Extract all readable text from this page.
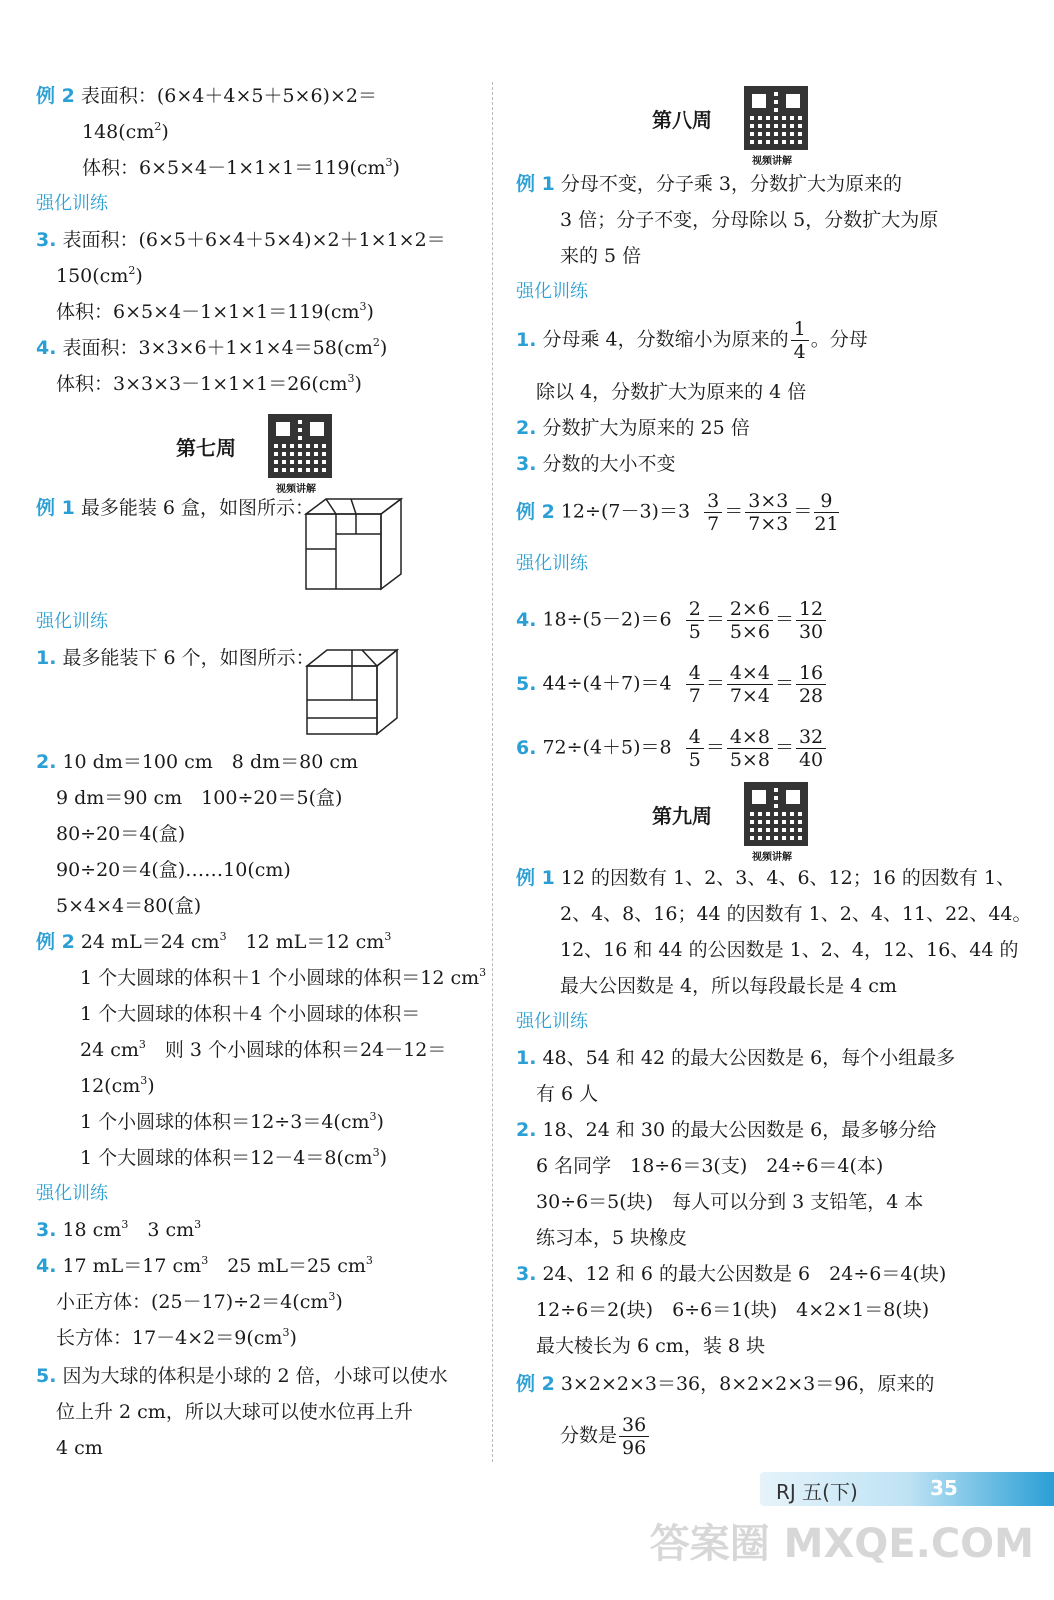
例 2 表面积：(6×4＋4×5＋5×6)×2＝
$148(cm^2)$
体积：$6\times 5\times 4-1\times 1\times 1=119(cm^3)$
强化训练
3. 表面积：(6×5＋6×4＋5×4)×2＋1×1×2＝
$150(cm^2)$
体积：$6\times 5\times 4-1\times 1\times 1=119(cm^3)$
4. 表面积：$3\times 3\times 6+1\times 1\times 4=58(cm^2)$
体积：$3\times 3\times 3-1\times 1\times 1=26(cm^3)$
第七周
视频讲解
例 1 最多能装 6 盒，如图所示：
强化训练
1. 最多能装下 6 个，如图所示：
2. 10 dm＝100 cm　8 dm＝80 cm
9 dm＝90 cm　100÷20＝5(盒)
80÷20＝4(盒)
90÷20＝4(盒)……10(cm)
5×4×4＝80(盒)
例 2 24 mL＝24 $cm^3$　12 mL＝12 $cm^3$
1 个大圆球的体积＋1 个小圆球的体积＝12 $cm^3$
1 个大圆球的体积＋4 个小圆球的体积＝
24 $cm^3$　则 3 个小圆球的体积＝24－12＝
$12(cm^3)$
1 个小圆球的体积$=12\div 3=4(cm^3)$
1 个大圆球的体积$=12-4=8(cm^3)$
强化训练
3. 18 $cm^3$　3 $cm^3$
4. 17 mL＝17 $cm^3$　25 mL＝25 $cm^3$
小正方体：$(25-17)\div 2=4(cm^3)$
长方体：$17-4\times 2=9(cm^3)$
5. 因为大球的体积是小球的 2 倍，小球可以使水
位上升 2 cm，所以大球可以使水位再上升
4 cm
第八周
视频讲解
例 1 分母不变，分子乘 3，分数扩大为原来的
3 倍；分子不变，分母除以 5，分数扩大为原
来的 5 倍
强化训练
1. 分母乘 4，分数缩小为原来的 $\frac{1}{4}$ 。分母
除以 4，分数扩大为原来的 4 倍
2. 分数扩大为原来的 25 倍
3. 分数的大小不变
例 2 $12\div(7-3)=3 \frac{3}{7} = \frac{3\times 3}{7\times 3} = \frac{9}{21}$
强化训练
4. $18\div(5-2)=6 \frac{2}{5} = \frac{2\times 6}{5\times 6} = \frac{12}{30}$
5. $44\div(4+7)=4 \frac{4}{7} = \frac{4\times 4}{7\times 4} = \frac{16}{28}$
6. $72\div(4+5)=8 \frac{4}{5} = \frac{4\times 8}{5\times 8} = \frac{32}{40}$
第九周
视频讲解
例 1 12 的因数有 1、2、3、4、6、12；16 的因数有 1、
2、4、8、16；44 的因数有 1、2、4、11、22、44。
12、16 和 44 的公因数是 1、2、4，12、16、44 的
最大公因数是 4，所以每段最长是 4 cm
强化训练
1. 48、54 和 42 的最大公因数是 6，每个小组最多
有 6 人
2. 18、24 和 30 的最大公因数是 6，最多够分给
6 名同学　18÷6＝3(支)　24÷6＝4(本)
30÷6＝5(块)　每人可以分到 3 支铅笔，4 本
练习本，5 块橡皮
3. 24、12 和 6 的最大公因数是 6　24÷6＝4(块)
12÷6＝2(块)　6÷6＝1(块)　4×2×1＝8(块)
最大棱长为 6 cm，装 8 块
例 2 3×2×2×3＝36，8×2×2×3＝96，原来的
分数是 $\frac{36}{96}$
RJ 五(下)	35
答案圈 MXQE.COM
